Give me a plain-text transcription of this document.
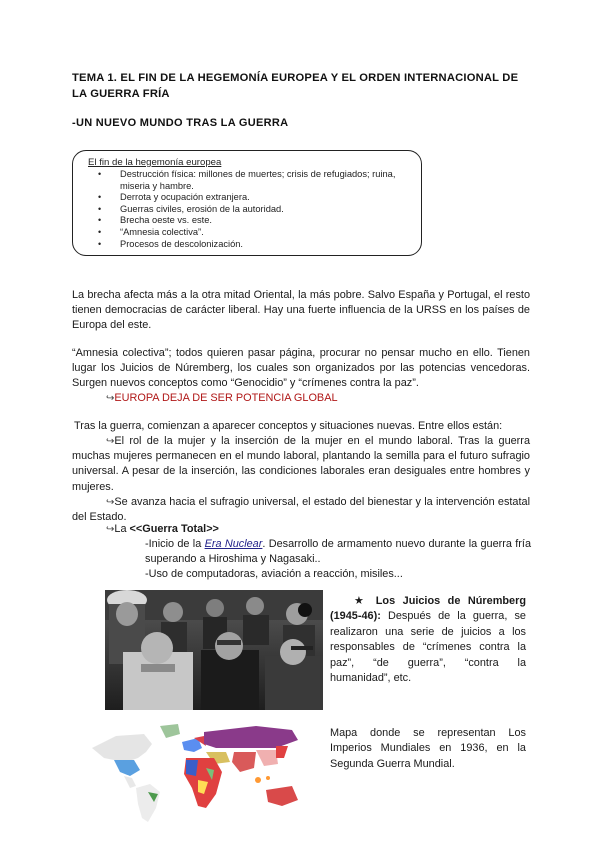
TEMA 1. EL FIN DE LA HEGEMONÍA EUROPEA Y EL ORDEN INTERNACIONAL DE LA GUERRA FRÍA
-UN NUEVO MUNDO TRAS LA GUERRA
El fin de la hegemonía europea
• Destrucción física: millones de muertes; crisis de refugiados; ruina, miseria y hambre.
• Derrota y ocupación extranjera.
• Guerras civiles, erosión de la autoridad.
• Brecha oeste vs. este.
• “Amnesia colectiva”.
• Procesos de descolonización.
La brecha afecta más a la otra mitad Oriental, la más pobre. Salvo España y Portugal, el resto tienen democracias de carácter liberal. Hay una fuerte influencia de la URSS en los países de Europa del este.
“Amnesia colectiva”; todos quieren pasar página, procurar no pensar mucho en ello. Tienen lugar los Juicios de Núremberg, los cuales son organizados por las potencias vencedoras. Surgen nuevos conceptos como “Genocidio” y “crímenes contra la paz”.
↪EUROPA DEJA DE SER POTENCIA GLOBAL
Tras la guerra, comienzan a aparecer conceptos y situaciones nuevas. Entre ellos están:
↪El rol de la mujer y la inserción de la mujer en el mundo laboral. Tras la guerra muchas mujeres permanecen en el mundo laboral, plantando la semilla para el futuro sufragio universal. A pesar de la inserción, las condiciones laborales eran desiguales entre hombres y mujeres.
↪Se avanza hacia el sufragio universal, el estado del bienestar y la intervención estatal del Estado.
↪La <<Guerra Total>>
-Inicio de la Era Nuclear. Desarrollo de armamento nuevo durante la guerra fría superando a Hiroshima y Nagasaki..
-Uso de computadoras, aviación a reacción, misiles...
★ Los Juicios de Núremberg (1945-46): Después de la guerra, se realizaron una serie de juicios a los responsables de “crímenes contra la paz”, “de guerra”, “contra la humanidad”, etc.
Mapa donde se representan Los Imperios Mundiales en 1936, en la Segunda Guerra Mundial.
